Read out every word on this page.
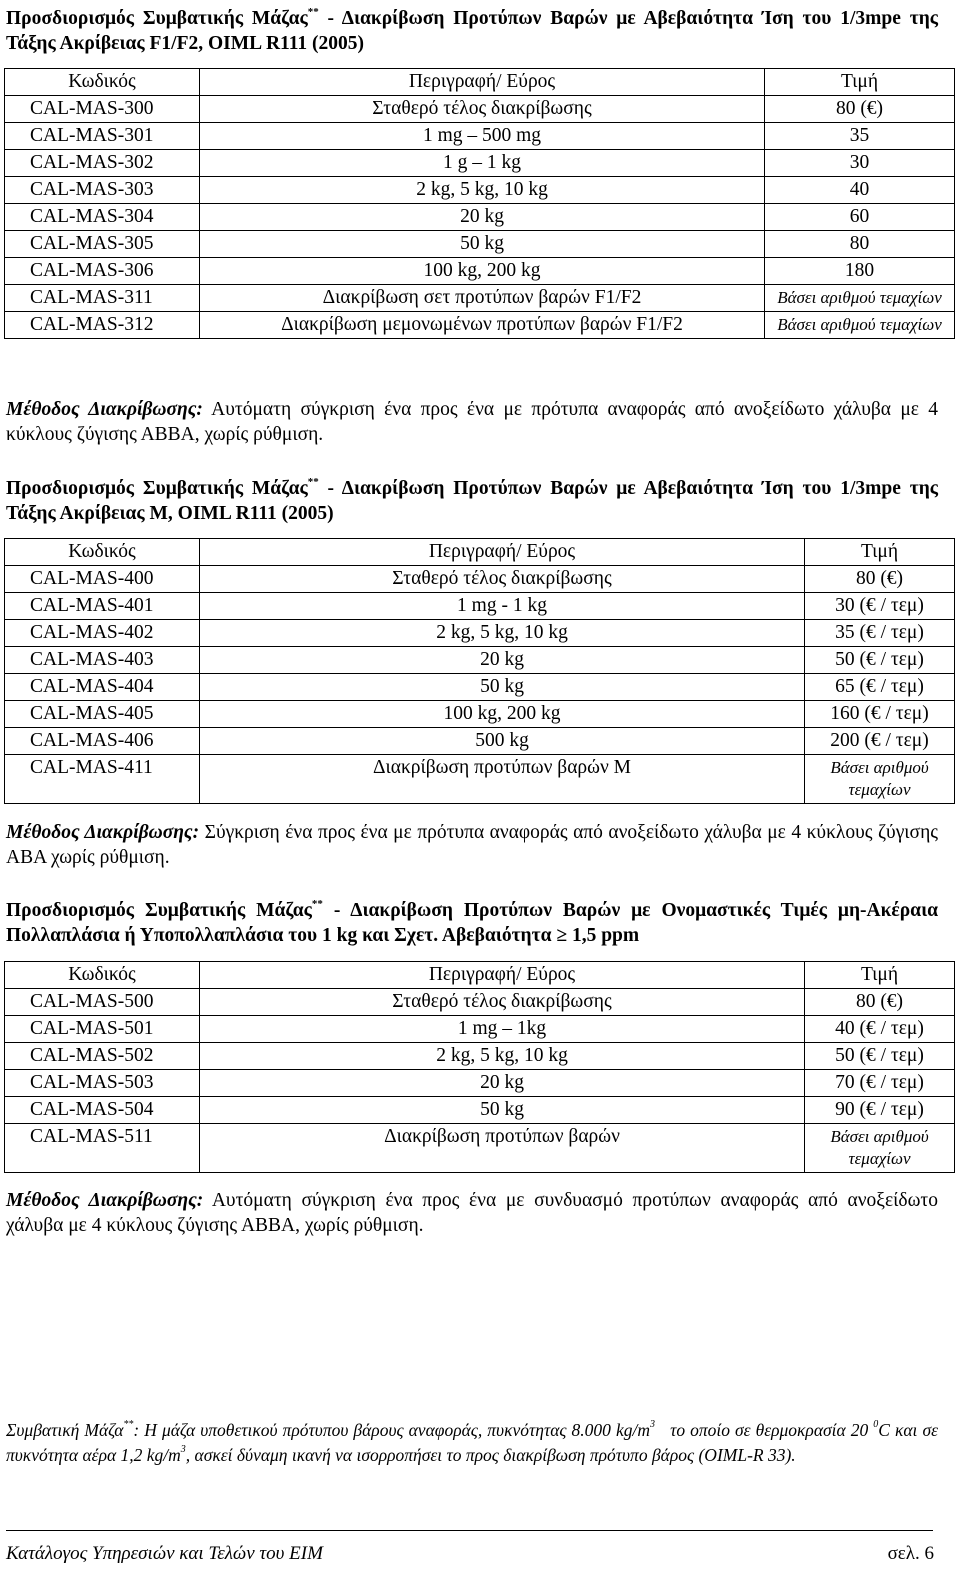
Προσδιορισμός Συμβατικής Μάζας** - Διακρίβωση Προτύπων Βαρών με Αβεβαιότητα Ίση του 1/3mpe της Τάξης Ακρίβειας F1/F2, OIML R111 (2005)
Κωδικός	Περιγραφή/ Εύρος	Τιμή
CAL-MAS-300	Σταθερό τέλος διακρίβωσης	80 (€)
CAL-MAS-301	1 mg – 500 mg	35
CAL-MAS-302	1 g – 1 kg	30
CAL-MAS-303	2 kg, 5 kg, 10 kg	40
CAL-MAS-304	20 kg	60
CAL-MAS-305	50 kg	80
CAL-MAS-306	100 kg, 200 kg	180
CAL-MAS-311	Διακρίβωση σετ προτύπων βαρών F1/F2	Βάσει αριθμού τεμαχίων
CAL-MAS-312	Διακρίβωση μεμονωμένων προτύπων βαρών F1/F2	Βάσει αριθμού τεμαχίων
Μέθοδος Διακρίβωσης: Αυτόματη σύγκριση ένα προς ένα με πρότυπα αναφοράς από ανοξείδωτο χάλυβα με 4 κύκλους ζύγισης ΑΒΒΑ, χωρίς ρύθμιση.
Προσδιορισμός Συμβατικής Μάζας** - Διακρίβωση Προτύπων Βαρών με Αβεβαιότητα Ίση του 1/3mpe της Τάξης Ακρίβειας M, OIML R111 (2005)
Κωδικός	Περιγραφή/ Εύρος	Τιμή
CAL-MAS-400	Σταθερό τέλος διακρίβωσης	80 (€)
CAL-MAS-401	1 mg - 1 kg	30 (€ / τεμ)
CAL-MAS-402	2 kg, 5 kg, 10 kg	35 (€ / τεμ)
CAL-MAS-403	20 kg	50 (€ / τεμ)
CAL-MAS-404	50 kg	65 (€ / τεμ)
CAL-MAS-405	100 kg, 200 kg	160 (€ / τεμ)
CAL-MAS-406	500 kg	200 (€ / τεμ)
CAL-MAS-411	Διακρίβωση προτύπων βαρών M	Βάσει αριθμού τεμαχίων
Μέθοδος Διακρίβωσης: Σύγκριση ένα προς ένα με πρότυπα αναφοράς από ανοξείδωτο χάλυβα με 4 κύκλους ζύγισης ΑΒΑ χωρίς ρύθμιση.
Προσδιορισμός Συμβατικής Μάζας** - Διακρίβωση Προτύπων Βαρών με Ονομαστικές Τιμές μη-Ακέραια Πολλαπλάσια ή Υποπολλαπλάσια του 1 kg και Σχετ. Αβεβαιότητα ≥ 1,5 ppm
Κωδικός	Περιγραφή/ Εύρος	Τιμή
CAL-MAS-500	Σταθερό τέλος διακρίβωσης	80 (€)
CAL-MAS-501	1 mg – 1kg	40 (€ / τεμ)
CAL-MAS-502	2 kg, 5 kg, 10 kg	50 (€ / τεμ)
CAL-MAS-503	20 kg	70 (€ / τεμ)
CAL-MAS-504	50 kg	90 (€ / τεμ)
CAL-MAS-511	Διακρίβωση προτύπων βαρών	Βάσει αριθμού τεμαχίων
Μέθοδος Διακρίβωσης: Αυτόματη σύγκριση ένα προς ένα με συνδυασμό προτύπων αναφοράς από ανοξείδωτο χάλυβα με 4 κύκλους ζύγισης ΑΒΒΑ, χωρίς ρύθμιση.
Συμβατική Μάζα**: Η μάζα υποθετικού πρότυπου βάρους αναφοράς, πυκνότητας 8.000 $kg/m^3$   το οποίο σε θερμοκρασία 20 $^0$C και σε πυκνότητα αέρα 1,2 $kg/m^3$, ασκεί δύναμη ικανή να ισορροπήσει το προς διακρίβωση πρότυπο βάρος (OIML-R 33).
Κατάλογος Υπηρεσιών και Τελών του ΕΙΜ	σελ. 6
